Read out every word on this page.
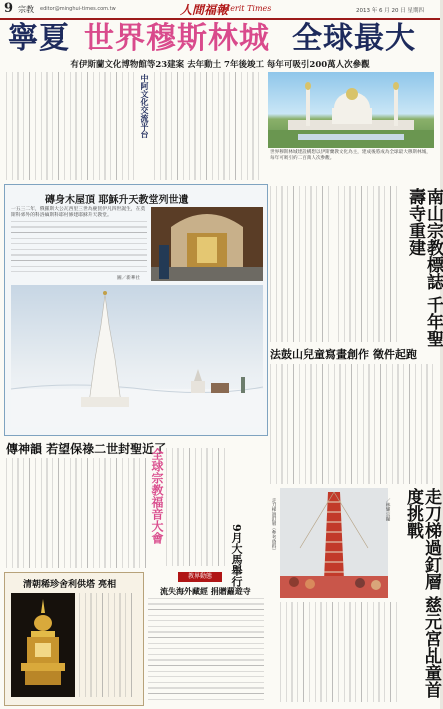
9 宗教 editor@minghui-times.com.tw	人間福報
Merit Times	2013 年 6 月 20 日 星期四
寧夏 世界穆斯林城 全球最大
有伊斯蘭文化博物館等23建案 去年動土 7年後竣工 每年可吸引200萬人次參觀
中阿文化交流平台
世界穆斯林城建設構想以伊斯蘭教文化為主，建成後將成為全球最大穆斯林城，每年可吸引約二百萬人次參觀。
磚身木屋頂 耶穌升天教堂列世遺
一五三二年，俄羅斯大公瓦西里三世為慶賀伊凡四世誕生，在莫斯科郊外的科洛緬斯科耶村修建耶穌升天教堂。
圖／新華社	南山宗教標誌 千年聖壽寺重建
法鼓山兒童寫畫創作 徵件起跑
傳神韻 若望保祿二世封聖近了
全球宗教福音大會
9月大馬舉行
清朝稀珍舍利供塔 亮相
教界動態
流失海外藏經 捐贈蘿遊寺
走刀梯過釘層（參考資料）	／林耀宗攝	走刀梯過釘層 慈元宮乩童首度挑戰
